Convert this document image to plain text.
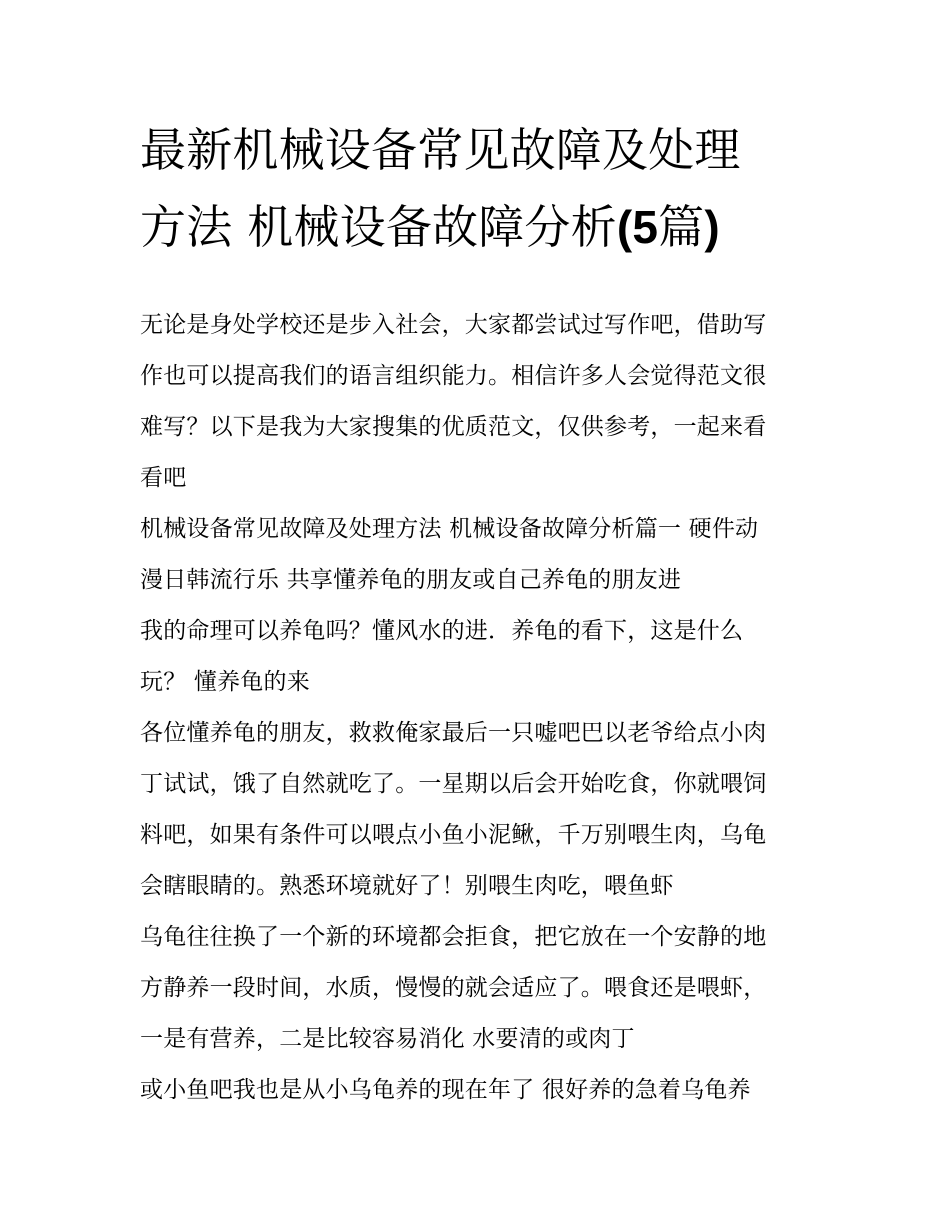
最新机械设备常见故障及处理
方法 机械设备故障分析(5篇)
无论是身处学校还是步入社会，大家都尝试过写作吧，借助写
作也可以提高我们的语言组织能力。相信许多人会觉得范文很
难写？以下是我为大家搜集的优质范文，仅供参考，一起来看
看吧
机械设备常见故障及处理方法 机械设备故障分析篇一 硬件动
漫日韩流行乐 共享懂养龟的朋友或自己养龟的朋友进
我的命理可以养龟吗？懂风水的进．养龟的看下，这是什么
玩？ 懂养龟的来
各位懂养龟的朋友，救救俺家最后一只嘘吧巴以老爷给点小肉
丁试试，饿了自然就吃了。一星期以后会开始吃食，你就喂饲
料吧，如果有条件可以喂点小鱼小泥鳅，千万别喂生肉，乌龟
会瞎眼睛的。熟悉环境就好了！别喂生肉吃，喂鱼虾
乌龟往往换了一个新的环境都会拒食，把它放在一个安静的地
方静养一段时间，水质，慢慢的就会适应了。喂食还是喂虾，
一是有营养，二是比较容易消化 水要清的或肉丁
或小鱼吧我也是从小乌龟养的现在年了 很好养的急着乌龟养
